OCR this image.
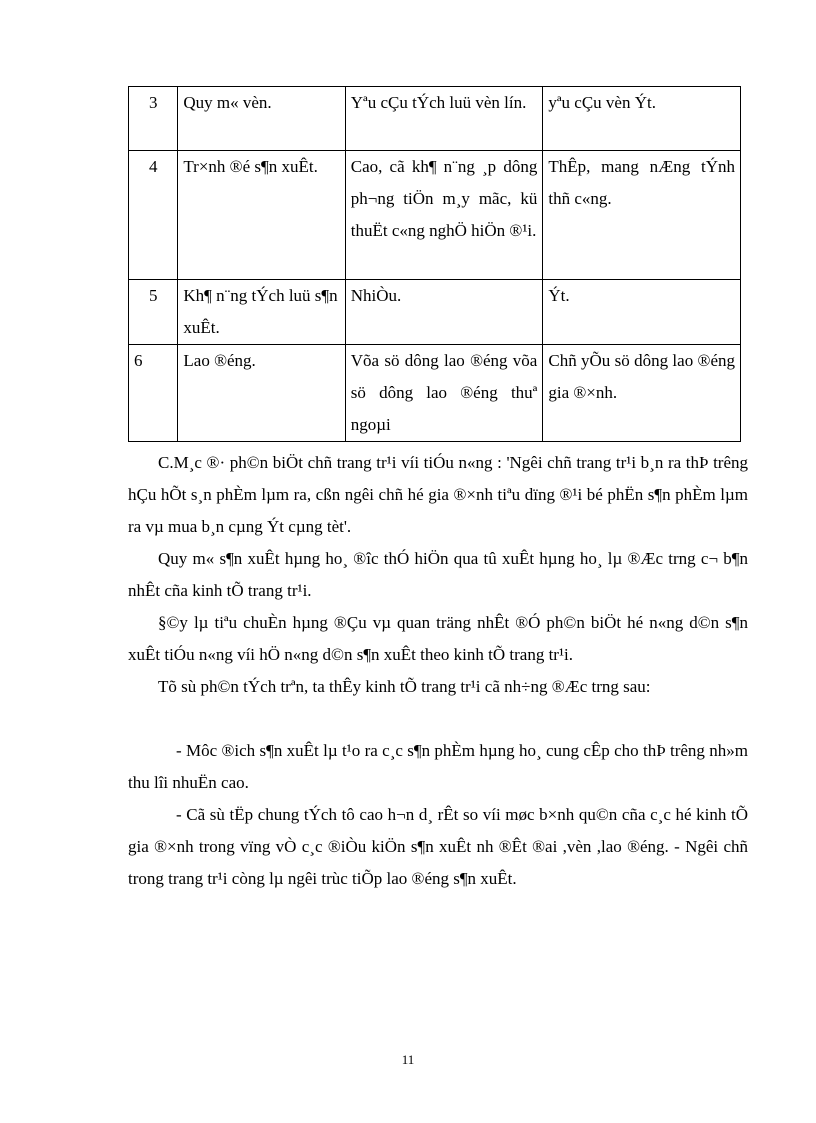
3	Quy m« vèn.	Yªu cÇu tÝch luü vèn lín.	yªu cÇu vèn Ýt.
4	Tr×nh ®é s¶n xuÊt.	Cao, cã kh¶ n¨ng ¸p dông ph¬ng tiÖn m¸y mãc, kü thuËt c«ng nghÖ hiÖn ®¹i.	ThÊp, mang nÆng tÝnh thñ c«ng.
5	Kh¶ n¨ng tÝch luü s¶n xuÊt.	NhiÒu.	Ýt.
6	Lao ®éng.	Võa sö dông lao ®éng võa sö dông lao ®éng thuª ngoµi	Chñ yÕu sö dông lao ®éng gia ®×nh.

C.M¸c ®· ph©n biÖt chñ trang tr¹i víi tiÓu n«ng : 'Ngêi chñ trang tr¹i b¸n ra thÞ trêng hÇu hÕt s¸n phÈm lµm ra, cßn ngêi chñ hé gia ®×nh tiªu dïng ®¹i bé phËn s¶n phÈm lµm ra vµ mua b¸n cµng Ýt cµng tèt'.

Quy m« s¶n xuÊt hµng ho¸ ®îc thÓ hiÖn qua tû xuÊt hµng ho¸ lµ ®Æc trng c¬ b¶n nhÊt cña kinh tÕ trang tr¹i.

§©y lµ tiªu chuÈn hµng ®Çu vµ quan träng nhÊt ®Ó ph©n biÖt hé n«ng d©n s¶n xuÊt tiÓu n«ng víi hÖ n«ng d©n s¶n xuÊt theo kinh tÕ trang tr¹i.

Tõ sù ph©n tÝch trªn, ta thÊy kinh tÕ trang tr¹i cã nh÷ng ®Æc trng sau:

- Môc ®ich s¶n xuÊt lµ t¹o ra c¸c s¶n phÈm hµng ho¸ cung cÊp cho thÞ trêng nh»m thu lîi nhuËn cao.

- Cã sù tËp chung tÝch tô cao h¬n d¸ rÊt so víi møc b×nh qu©n cña c¸c hé kinh tÕ gia ®×nh trong vïng vÒ c¸c ®iÒu kiÖn s¶n xuÊt nh ®Êt ®ai ,vèn ,lao ®éng. - Ngêi chñ trong trang tr¹i còng lµ ngêi trùc tiÕp lao ®éng s¶n xuÊt.

11
